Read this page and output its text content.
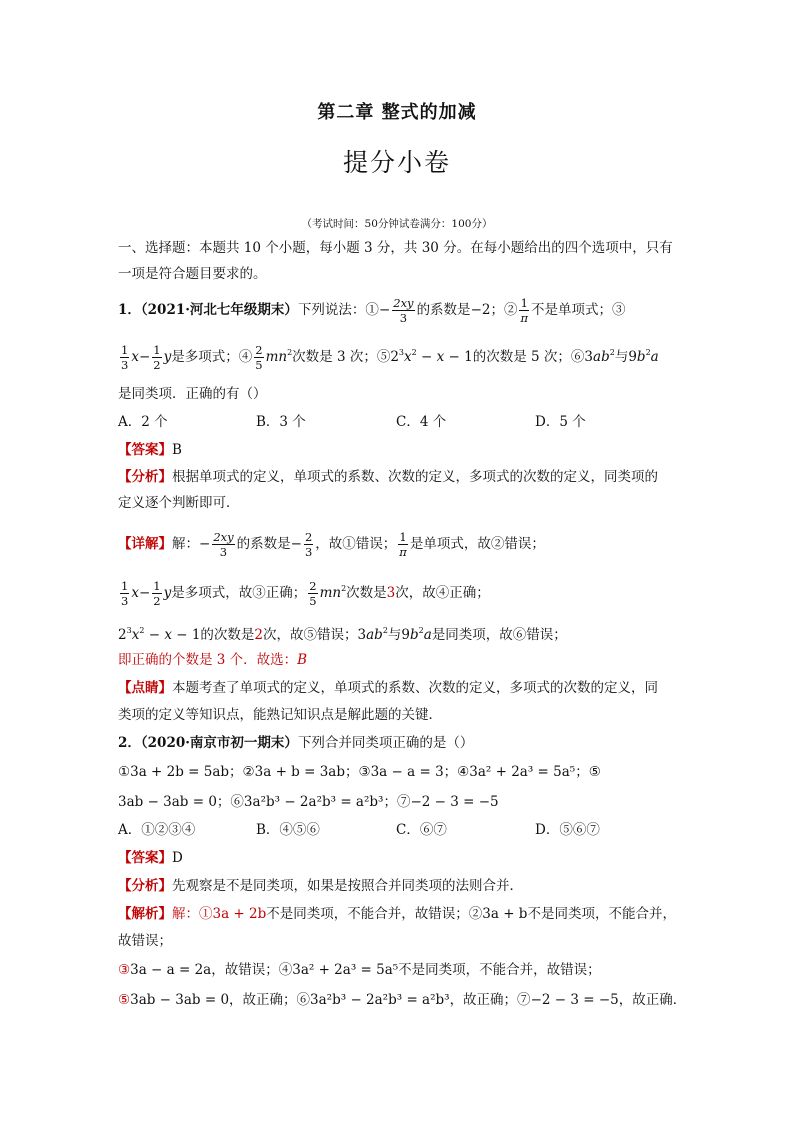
第二章 整式的加减
提分小卷
（考试时间：50分钟试卷满分：100分）
一、选择题：本题共 10 个小题，每小题 3 分，共 30 分。在每小题给出的四个选项中，只有
一项是符合题目要求的。
1．（2021·河北七年级期末）下列说法：①− $\frac{2xy}{3}$ 的系数是−2；② $\frac{1}{\pi}$ 不是单项式；③
$\frac{1}{3} x- \frac{1}{2}$ y是多项式；④ $\frac{2}{5} mn^2$次数是 3 次；$⑤2^3x^2 - x - 1$的次数是 5 次；$⑥3ab^2$与$9b^2a$
是同类项．正确的有（）
A．2 个	B．3 个	C．4 个	D．5 个
【答案】B
【分析】根据单项式的定义，单项式的系数、次数的定义，多项式的次数的定义，同类项的
定义逐个判断即可．
【详解】解：− $\frac{2xy}{3}$ 的系数是− $\frac{2}{3}$ ，故①错误； $\frac{1}{\pi}$ 是单项式，故②错误；
$\frac{1}{3} x- \frac{1}{2}$ y是多项式，故③正确； $\frac{2}{5} mn^2$次数是3次，故④正确；
$2^3x^2 - x - 1$的次数是2次，故⑤错误；$3ab^2$与$9b^2a$是同类项，故⑥错误；
即正确的个数是 3 个．故选：B
【点睛】本题考查了单项式的定义，单项式的系数、次数的定义，多项式的次数的定义，同
类项的定义等知识点，能熟记知识点是解此题的关键．
2．（2020·南京市初一期末）下列合并同类项正确的是（）
①3a + 2b = 5ab；②3a + b = 3ab；③3a − a = 3；④3a² + 2a³ = 5a⁵；⑤
3ab − 3ab = 0；⑥3a²b³ − 2a²b³ = a²b³；⑦−2 − 3 = −5
A．①②③④	B．④⑤⑥	C．⑥⑦	D．⑤⑥⑦
【答案】D
【分析】先观察是不是同类项，如果是按照合并同类项的法则合并．
【解析】解：①3a + 2b不是同类项，不能合并，故错误；②3a + b不是同类项，不能合并，
故错误；
③3a − a = 2a，故错误；④3a² + 2a³ = 5a⁵不是同类项，不能合并，故错误；
⑤3ab − 3ab = 0，故正确；⑥3a²b³ − 2a²b³ = a²b³，故正确；⑦−2 − 3 = −5，故正确．
